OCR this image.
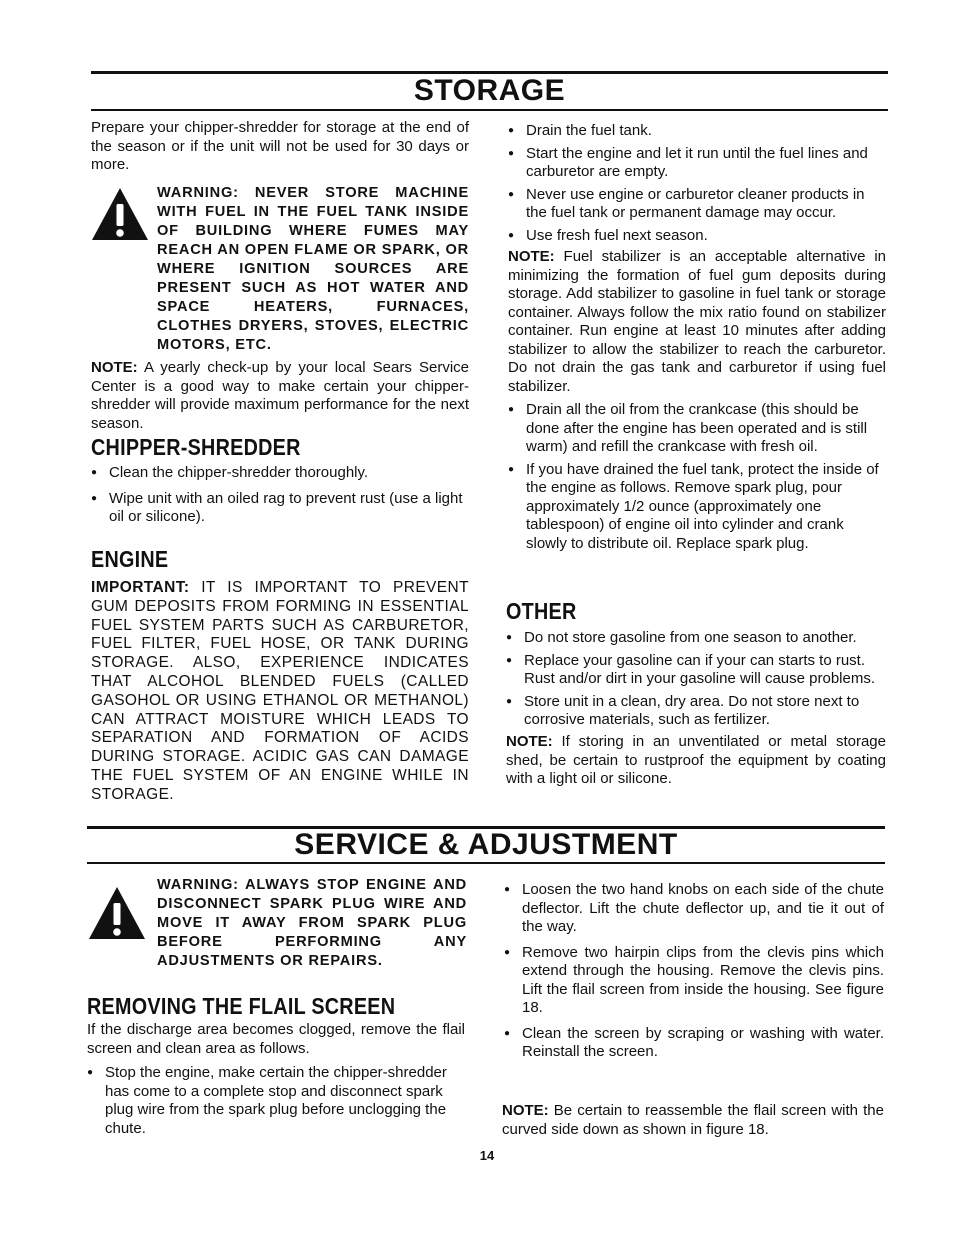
STORAGE

Prepare your chipper-shredder for storage at the end of the season or if the unit will not be used for 30 days or more.

WARNING: NEVER STORE MACHINE WITH FUEL IN THE FUEL TANK INSIDE OF BUILDING WHERE FUMES MAY REACH AN OPEN FLAME OR SPARK, OR WHERE IGNITION SOURCES ARE PRESENT SUCH AS HOT WATER AND SPACE HEATERS, FURNACES, CLOTHES DRYERS, STOVES, ELECTRIC MOTORS, ETC.

NOTE: A yearly check-up by your local Sears Service Center is a good way to make certain your chipper-shredder will provide maximum performance for the next season.

CHIPPER-SHREDDER
● Clean the chipper-shredder thoroughly.
● Wipe unit with an oiled rag to prevent rust (use a light oil or silicone).
ENGINE

IMPORTANT: IT IS IMPORTANT TO PREVENT GUM DEPOSITS FROM FORMING IN ESSENTIAL FUEL SYSTEM PARTS SUCH AS CARBURETOR, FUEL FILTER, FUEL HOSE, OR TANK DURING STORAGE. ALSO, EXPERIENCE INDICATES THAT ALCOHOL BLENDED FUELS (CALLED GASOHOL OR USING ETHANOL OR METHANOL) CAN ATTRACT MOISTURE WHICH LEADS TO SEPARATION AND FORMATION OF ACIDS DURING STORAGE. ACIDIC GAS CAN DAMAGE THE FUEL SYSTEM OF AN ENGINE WHILE IN STORAGE.

● Drain the fuel tank.
● Start the engine and let it run until the fuel lines and carburetor are empty.
● Never use engine or carburetor cleaner products in the fuel tank or permanent damage may occur.
● Use fresh fuel next season.

NOTE: Fuel stabilizer is an acceptable alternative in minimizing the formation of fuel gum deposits during storage. Add stabilizer to gasoline in fuel tank or storage container. Always follow the mix ratio found on stabilizer container. Run engine at least 10 minutes after adding stabilizer to allow the stabilizer to reach the carburetor. Do not drain the gas tank and carburetor if using fuel stabilizer.

● Drain all the oil from the crankcase (this should be done after the engine has been operated and is still warm) and refill the crankcase with fresh oil.
● If you have drained the fuel tank, protect the inside of the engine as follows. Remove spark plug, pour approximately 1/2 ounce (approximately one tablespoon) of engine oil into cylinder and crank slowly to distribute oil. Replace spark plug.
OTHER
● Do not store gasoline from one season to another.
● Replace your gasoline can if your can starts to rust. Rust and/or dirt in your gasoline will cause problems.
● Store unit in a clean, dry area. Do not store next to corrosive materials, such as fertilizer.

NOTE: If storing in an unventilated or metal storage shed, be certain to rustproof the equipment by coating with a light oil or silicone.

SERVICE & ADJUSTMENT

WARNING: ALWAYS STOP ENGINE AND DISCONNECT SPARK PLUG WIRE AND MOVE IT AWAY FROM SPARK PLUG BEFORE PERFORMING ANY ADJUSTMENTS OR REPAIRS.

REMOVING THE FLAIL SCREEN

If the discharge area becomes clogged, remove the flail screen and clean area as follows.

● Stop the engine, make certain the chipper-shredder has come to a complete stop and disconnect spark plug wire from the spark plug before unclogging the chute.
● Loosen the two hand knobs on each side of the chute deflector. Lift the chute deflector up, and tie it out of the way.
● Remove two hairpin clips from the clevis pins which extend through the housing. Remove the clevis pins. Lift the flail screen from inside the housing. See figure 18.
● Clean the screen by scraping or washing with water. Reinstall the screen.

NOTE: Be certain to reassemble the flail screen with the curved side down as shown in figure 18.

14
